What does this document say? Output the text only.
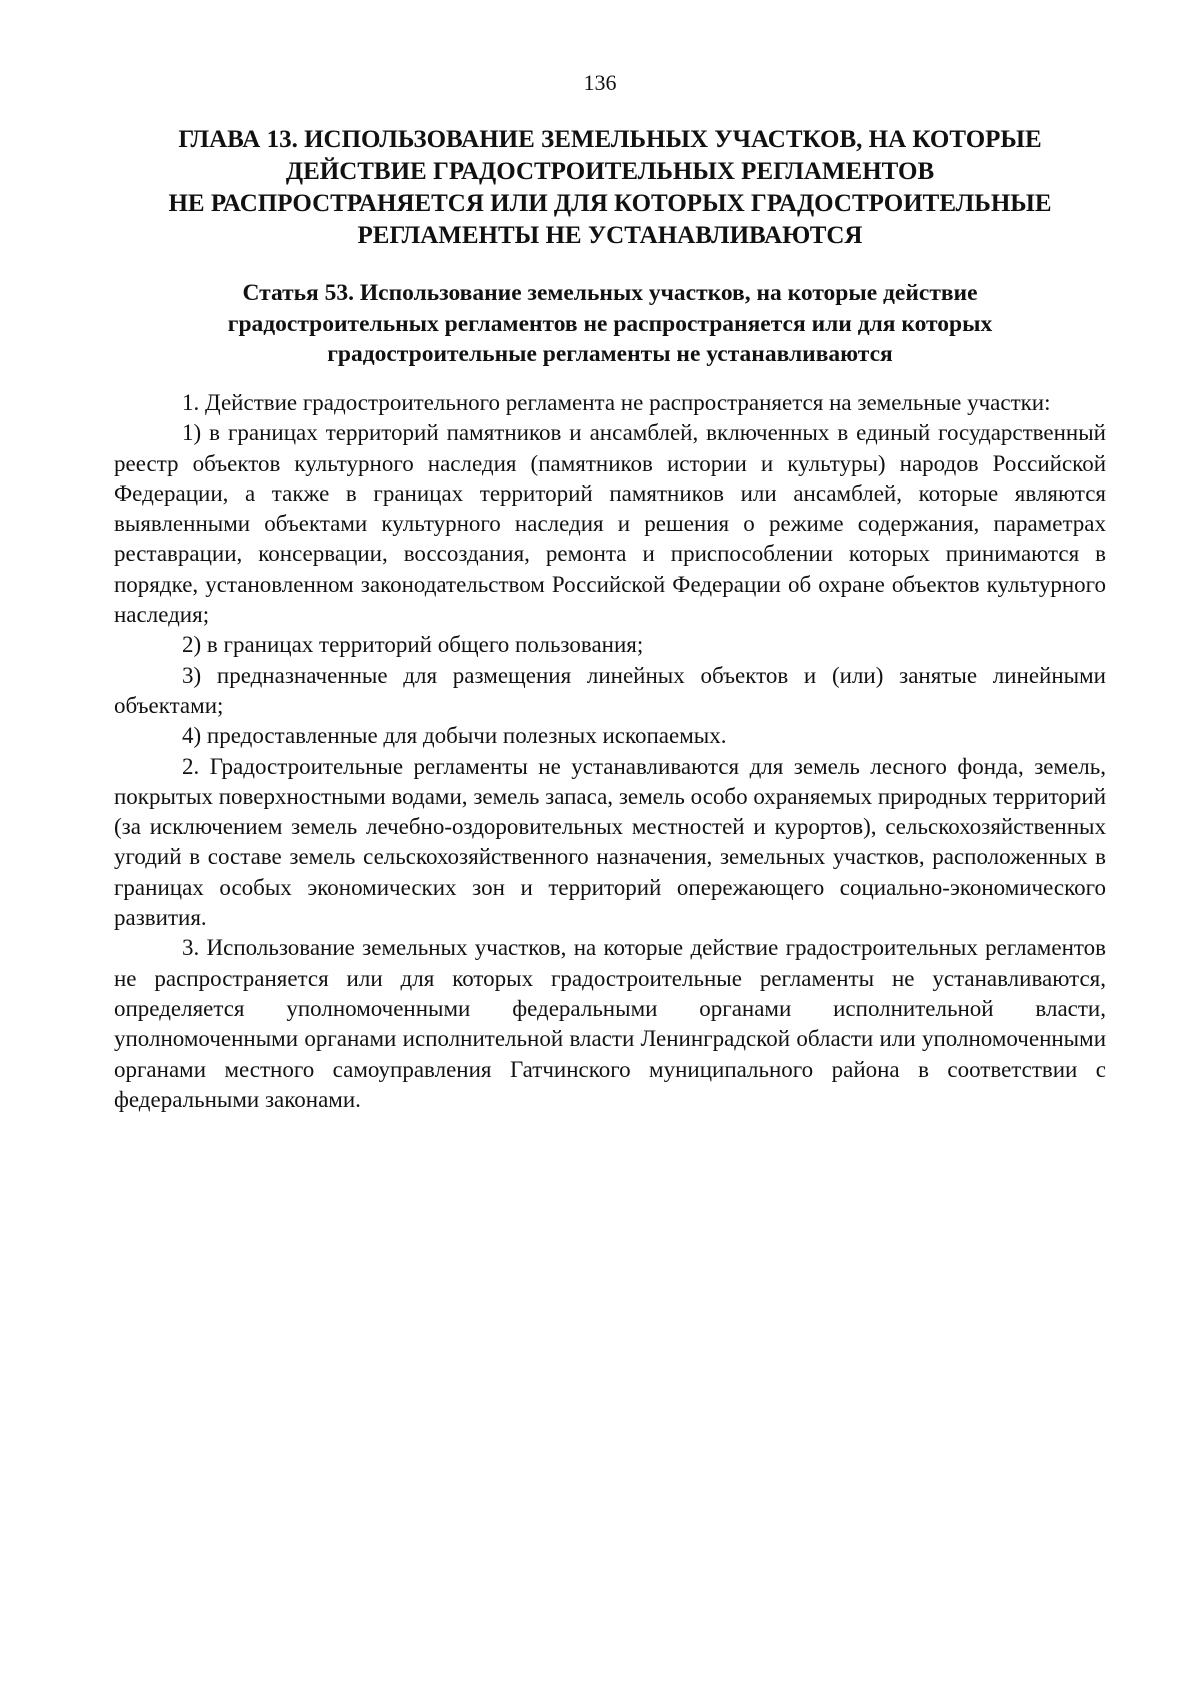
136
ГЛАВА 13. ИСПОЛЬЗОВАНИЕ ЗЕМЕЛЬНЫХ УЧАСТКОВ, НА КОТОРЫЕ
ДЕЙСТВИЕ ГРАДОСТРОИТЕЛЬНЫХ РЕГЛАМЕНТОВ
НЕ РАСПРОСТРАНЯЕТСЯ ИЛИ ДЛЯ КОТОРЫХ ГРАДОСТРОИТЕЛЬНЫЕ
РЕГЛАМЕНТЫ НЕ УСТАНАВЛИВАЮТСЯ
Статья 53. Использование земельных участков, на которые действие
градостроительных регламентов не распространяется или для которых
градостроительные регламенты не устанавливаются

1. Действие градостроительного регламента не распространяется на земельные участки:

1) в границах территорий памятников и ансамблей, включенных в единый государственный реестр объектов культурного наследия (памятников истории и культуры) народов Российской Федерации, а также в границах территорий памятников или ансамблей, которые являются выявленными объектами культурного наследия и решения о режиме содержания, параметрах реставрации, консервации, воссоздания, ремонта и приспособлении которых принимаются в порядке, установленном законодательством Российской Федерации об охране объектов культурного наследия;

2) в границах территорий общего пользования;

3) предназначенные для размещения линейных объектов и (или) занятые линейными объектами;

4) предоставленные для добычи полезных ископаемых.

2. Градостроительные регламенты не устанавливаются для земель лесного фонда, земель, покрытых поверхностными водами, земель запаса, земель особо охраняемых природных территорий (за исключением земель лечебно-оздоровительных местностей и курортов), сельскохозяйственных угодий в составе земель сельскохозяйственного назначения, земельных участков, расположенных в границах особых экономических зон и территорий опережающего социально-экономического развития.

3. Использование земельных участков, на которые действие градостроительных регламентов не распространяется или для которых градостроительные регламенты не устанавливаются, определяется уполномоченными федеральными органами исполнительной власти, уполномоченными органами исполнительной власти Ленинградской области или уполномоченными органами местного самоуправления Гатчинского муниципального района в соответствии с федеральными законами.
